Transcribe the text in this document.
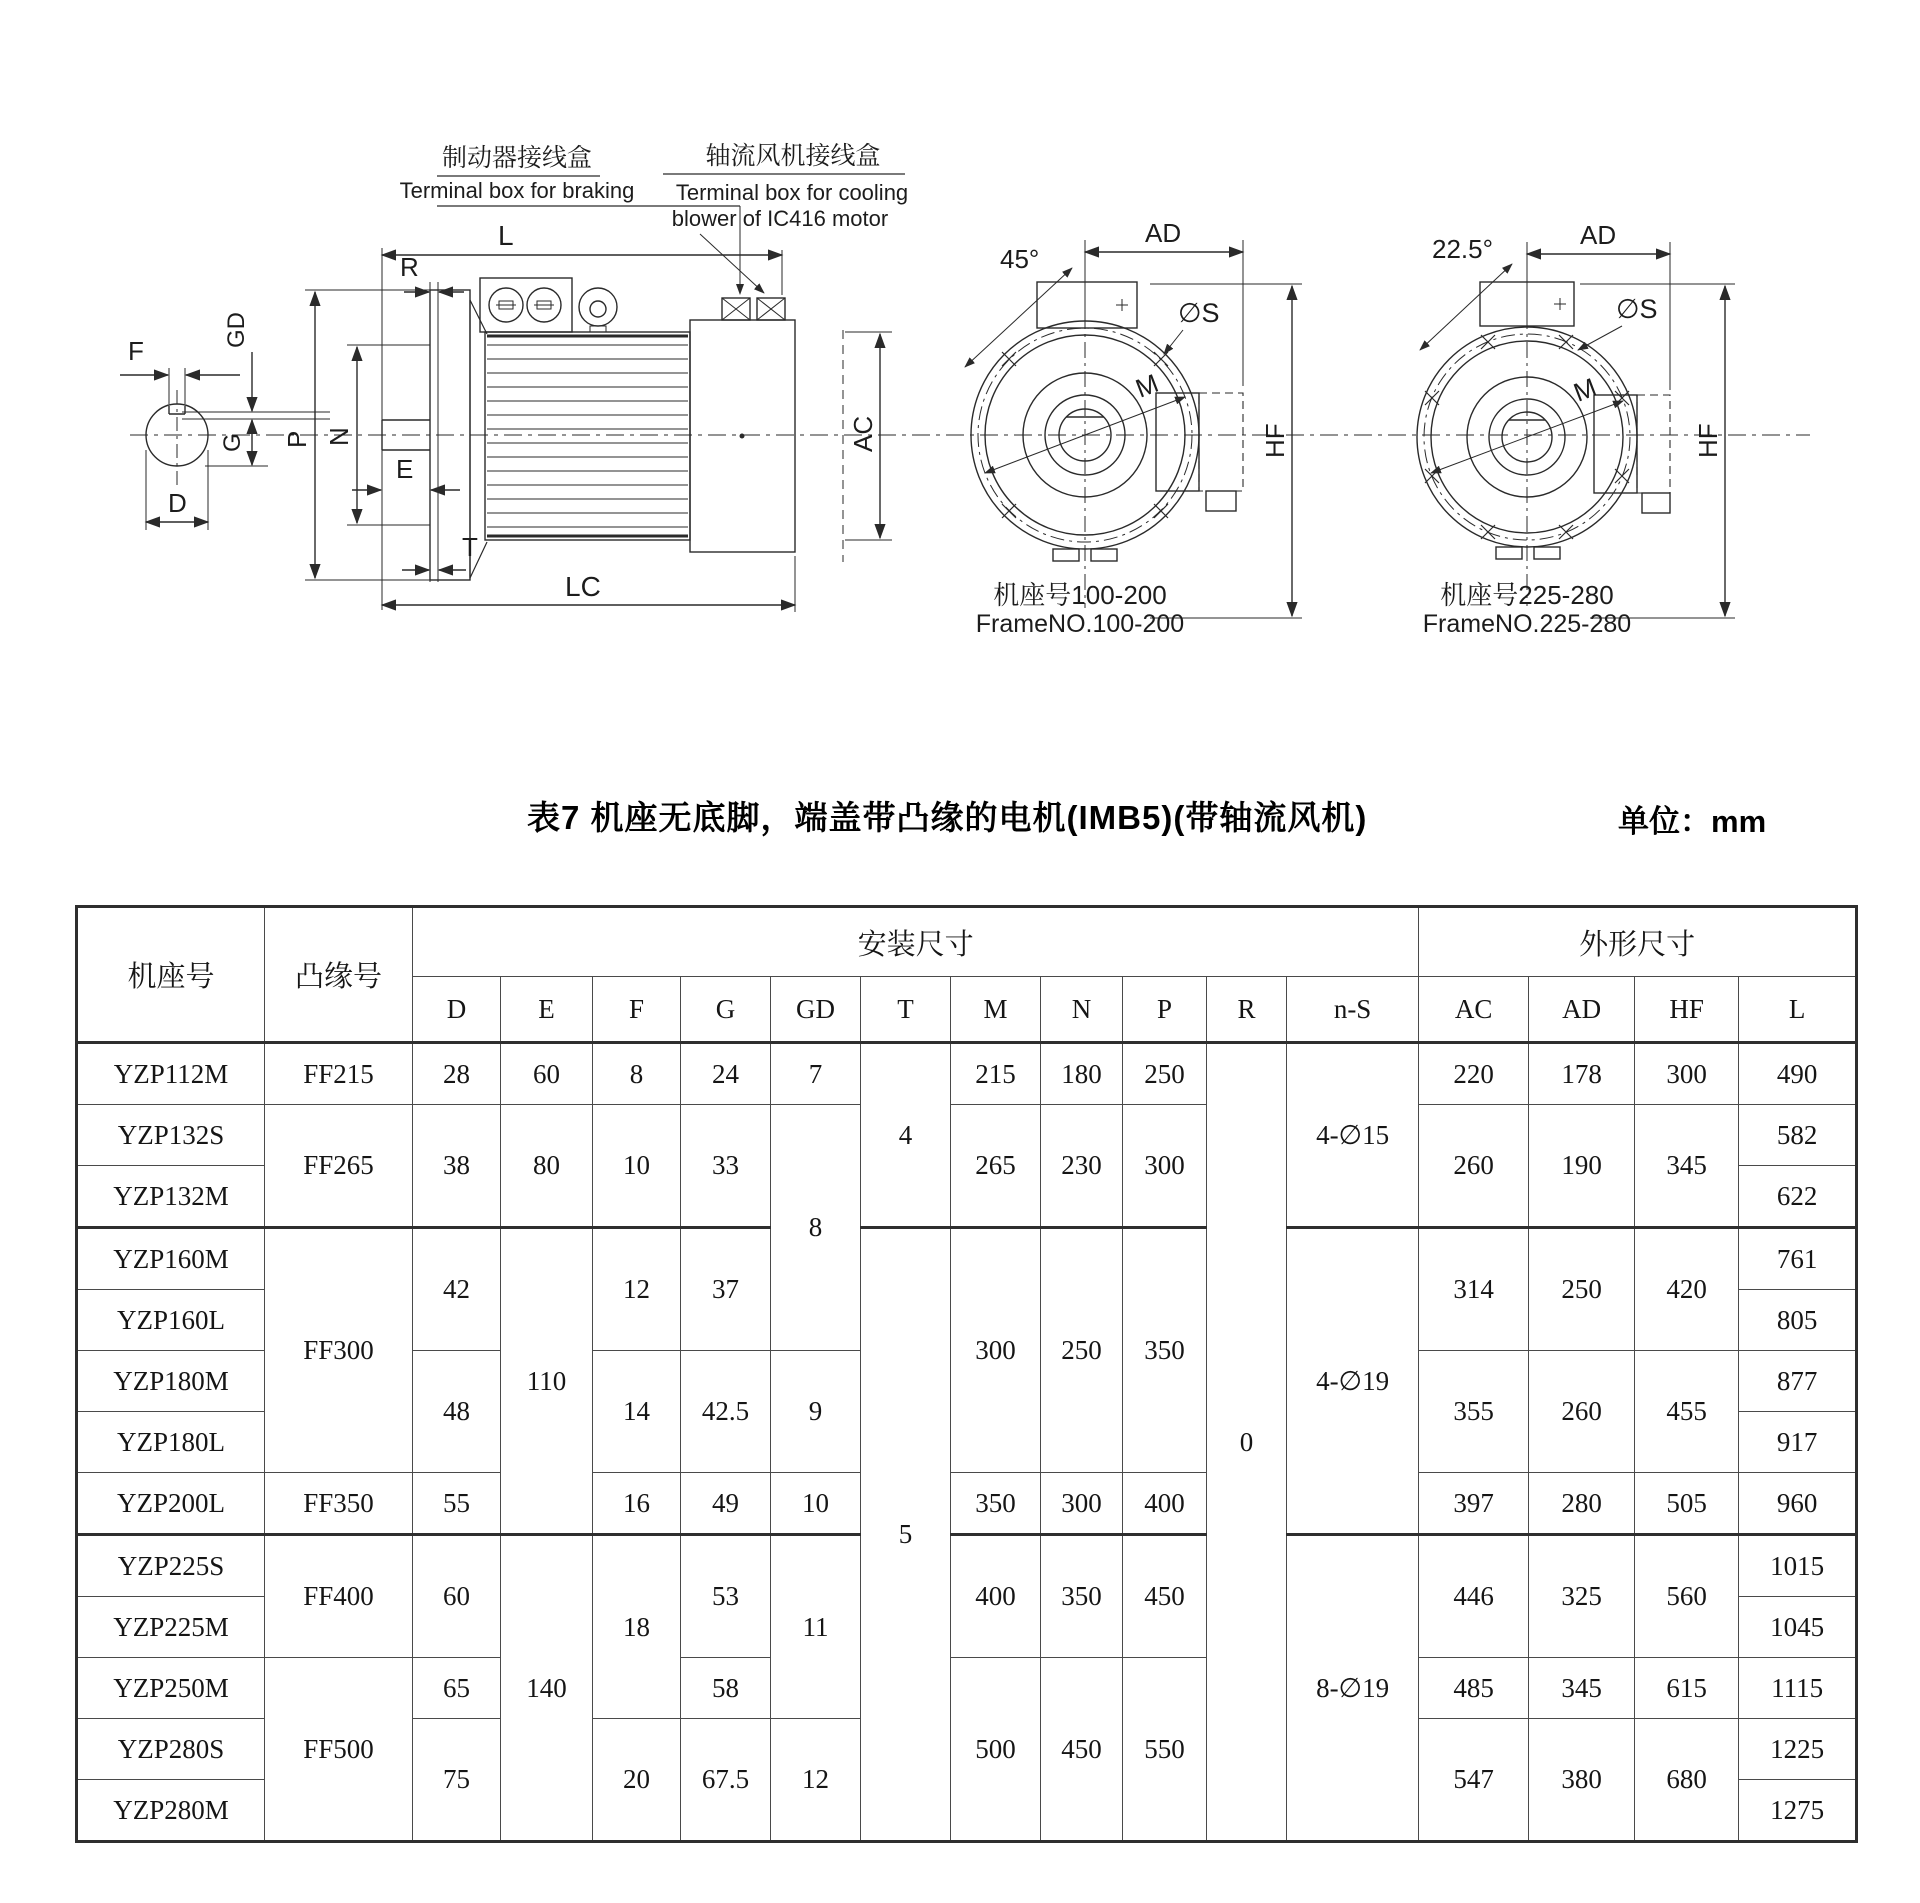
F
GD
G
D
L
R
P N
E
T
LC
AC
制动器接线盒
Terminal box for braking
轴流风机接线盒
Terminal box for cooling
blower of IC416 motor
45°
AD
∅S
M
HF
机座号100-200
FrameNO.100-200
22.5°	AD
∅S
M
HF
机座号225-280
FrameNO.225-280
表7 机座无底脚，端盖带凸缘的电机(IMB5)(带轴流风机)	单位：mm
机座号	凸缘号	安装尺寸											外形尺寸			
		D	E	F	G	GD	T	M	N	P	R	n-S	AC	AD	HF	L
YZP112M	FF215	28	60	8	24	7	4	215	180	250	0	4-∅15	220	178	300	490
YZP132S	FF265	38	80	10	33	8		265	230	300			260	190	345	582
YZP132M																622
YZP160M	FF300	42	110	12	37		5	300	250	350		4-∅19	314	250	420	761
YZP160L																805
YZP180M		48		14	42.5	9							355	260	455	877
YZP180L																917
YZP200L	FF350	55		16	49	10		350	300	400			397	280	505	960
YZP225S	FF400	60	140	18	53	11		400	350	450		8-∅19	446	325	560	1015
YZP225M																1045
YZP250M	FF500	65			58			500	450	550			485	345	615	1115
YZP280S		75		20	67.5	12							547	380	680	1225
YZP280M																1275
